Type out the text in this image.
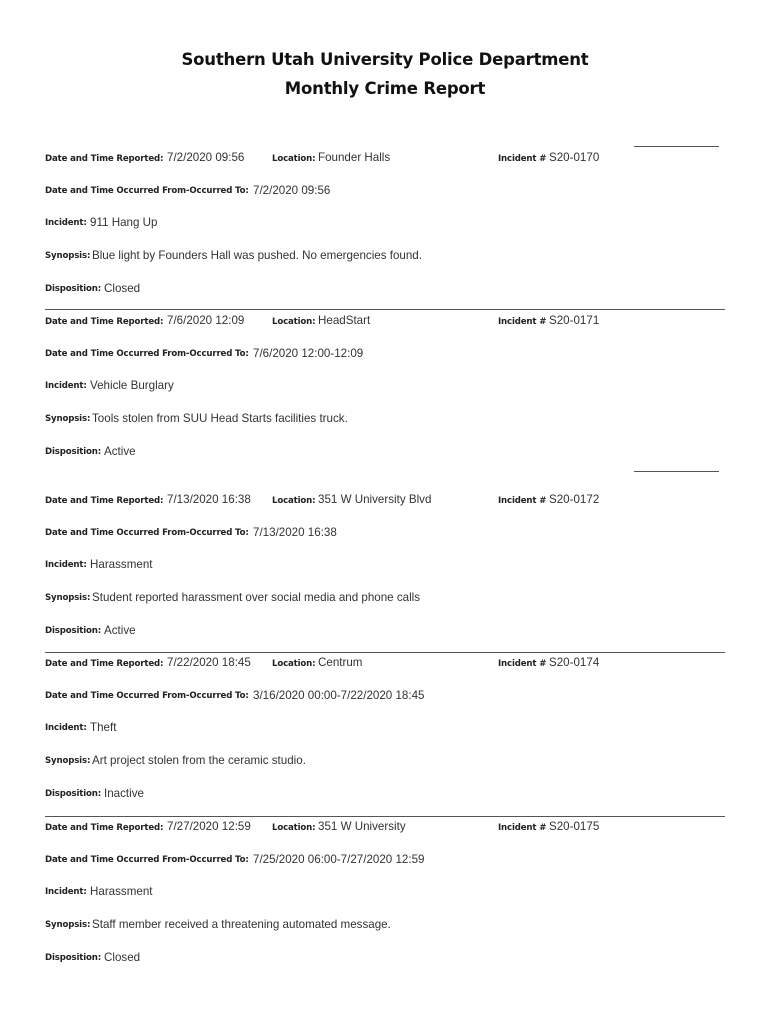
Southern Utah University Police Department
Monthly Crime Report
Date and Time Reported: 7/2/2020 09:56	Location: Founder Halls	Incident # S20-0170
Date and Time Occurred From-Occurred To: 7/2/2020 09:56
Incident: 911 Hang Up
Synopsis: Blue light by Founders Hall was pushed. No emergencies found.
Disposition: Closed
Date and Time Reported: 7/6/2020 12:09	Location: HeadStart	Incident # S20-0171
Date and Time Occurred From-Occurred To: 7/6/2020 12:00-12:09
Incident: Vehicle Burglary
Synopsis: Tools stolen from SUU Head Starts facilities truck.
Disposition: Active
Date and Time Reported: 7/13/2020 16:38 Location: 351 W University Blvd	Incident # S20-0172
Date and Time Occurred From-Occurred To: 7/13/2020 16:38
Incident: Harassment
Synopsis: Student reported harassment over social media and phone calls
Disposition: Active
Date and Time Reported: 7/22/2020 18:45 Location: Centrum	Incident # S20-0174
Date and Time Occurred From-Occurred To: 3/16/2020 00:00-7/22/2020 18:45
Incident: Theft
Synopsis: Art project stolen from the ceramic studio.
Disposition: Inactive
Date and Time Reported: 7/27/2020 12:59 Location: 351 W University	Incident # S20-0175
Date and Time Occurred From-Occurred To: 7/25/2020 06:00-7/27/2020 12:59
Incident: Harassment
Synopsis: Staff member received a threatening automated message.
Disposition: Closed
